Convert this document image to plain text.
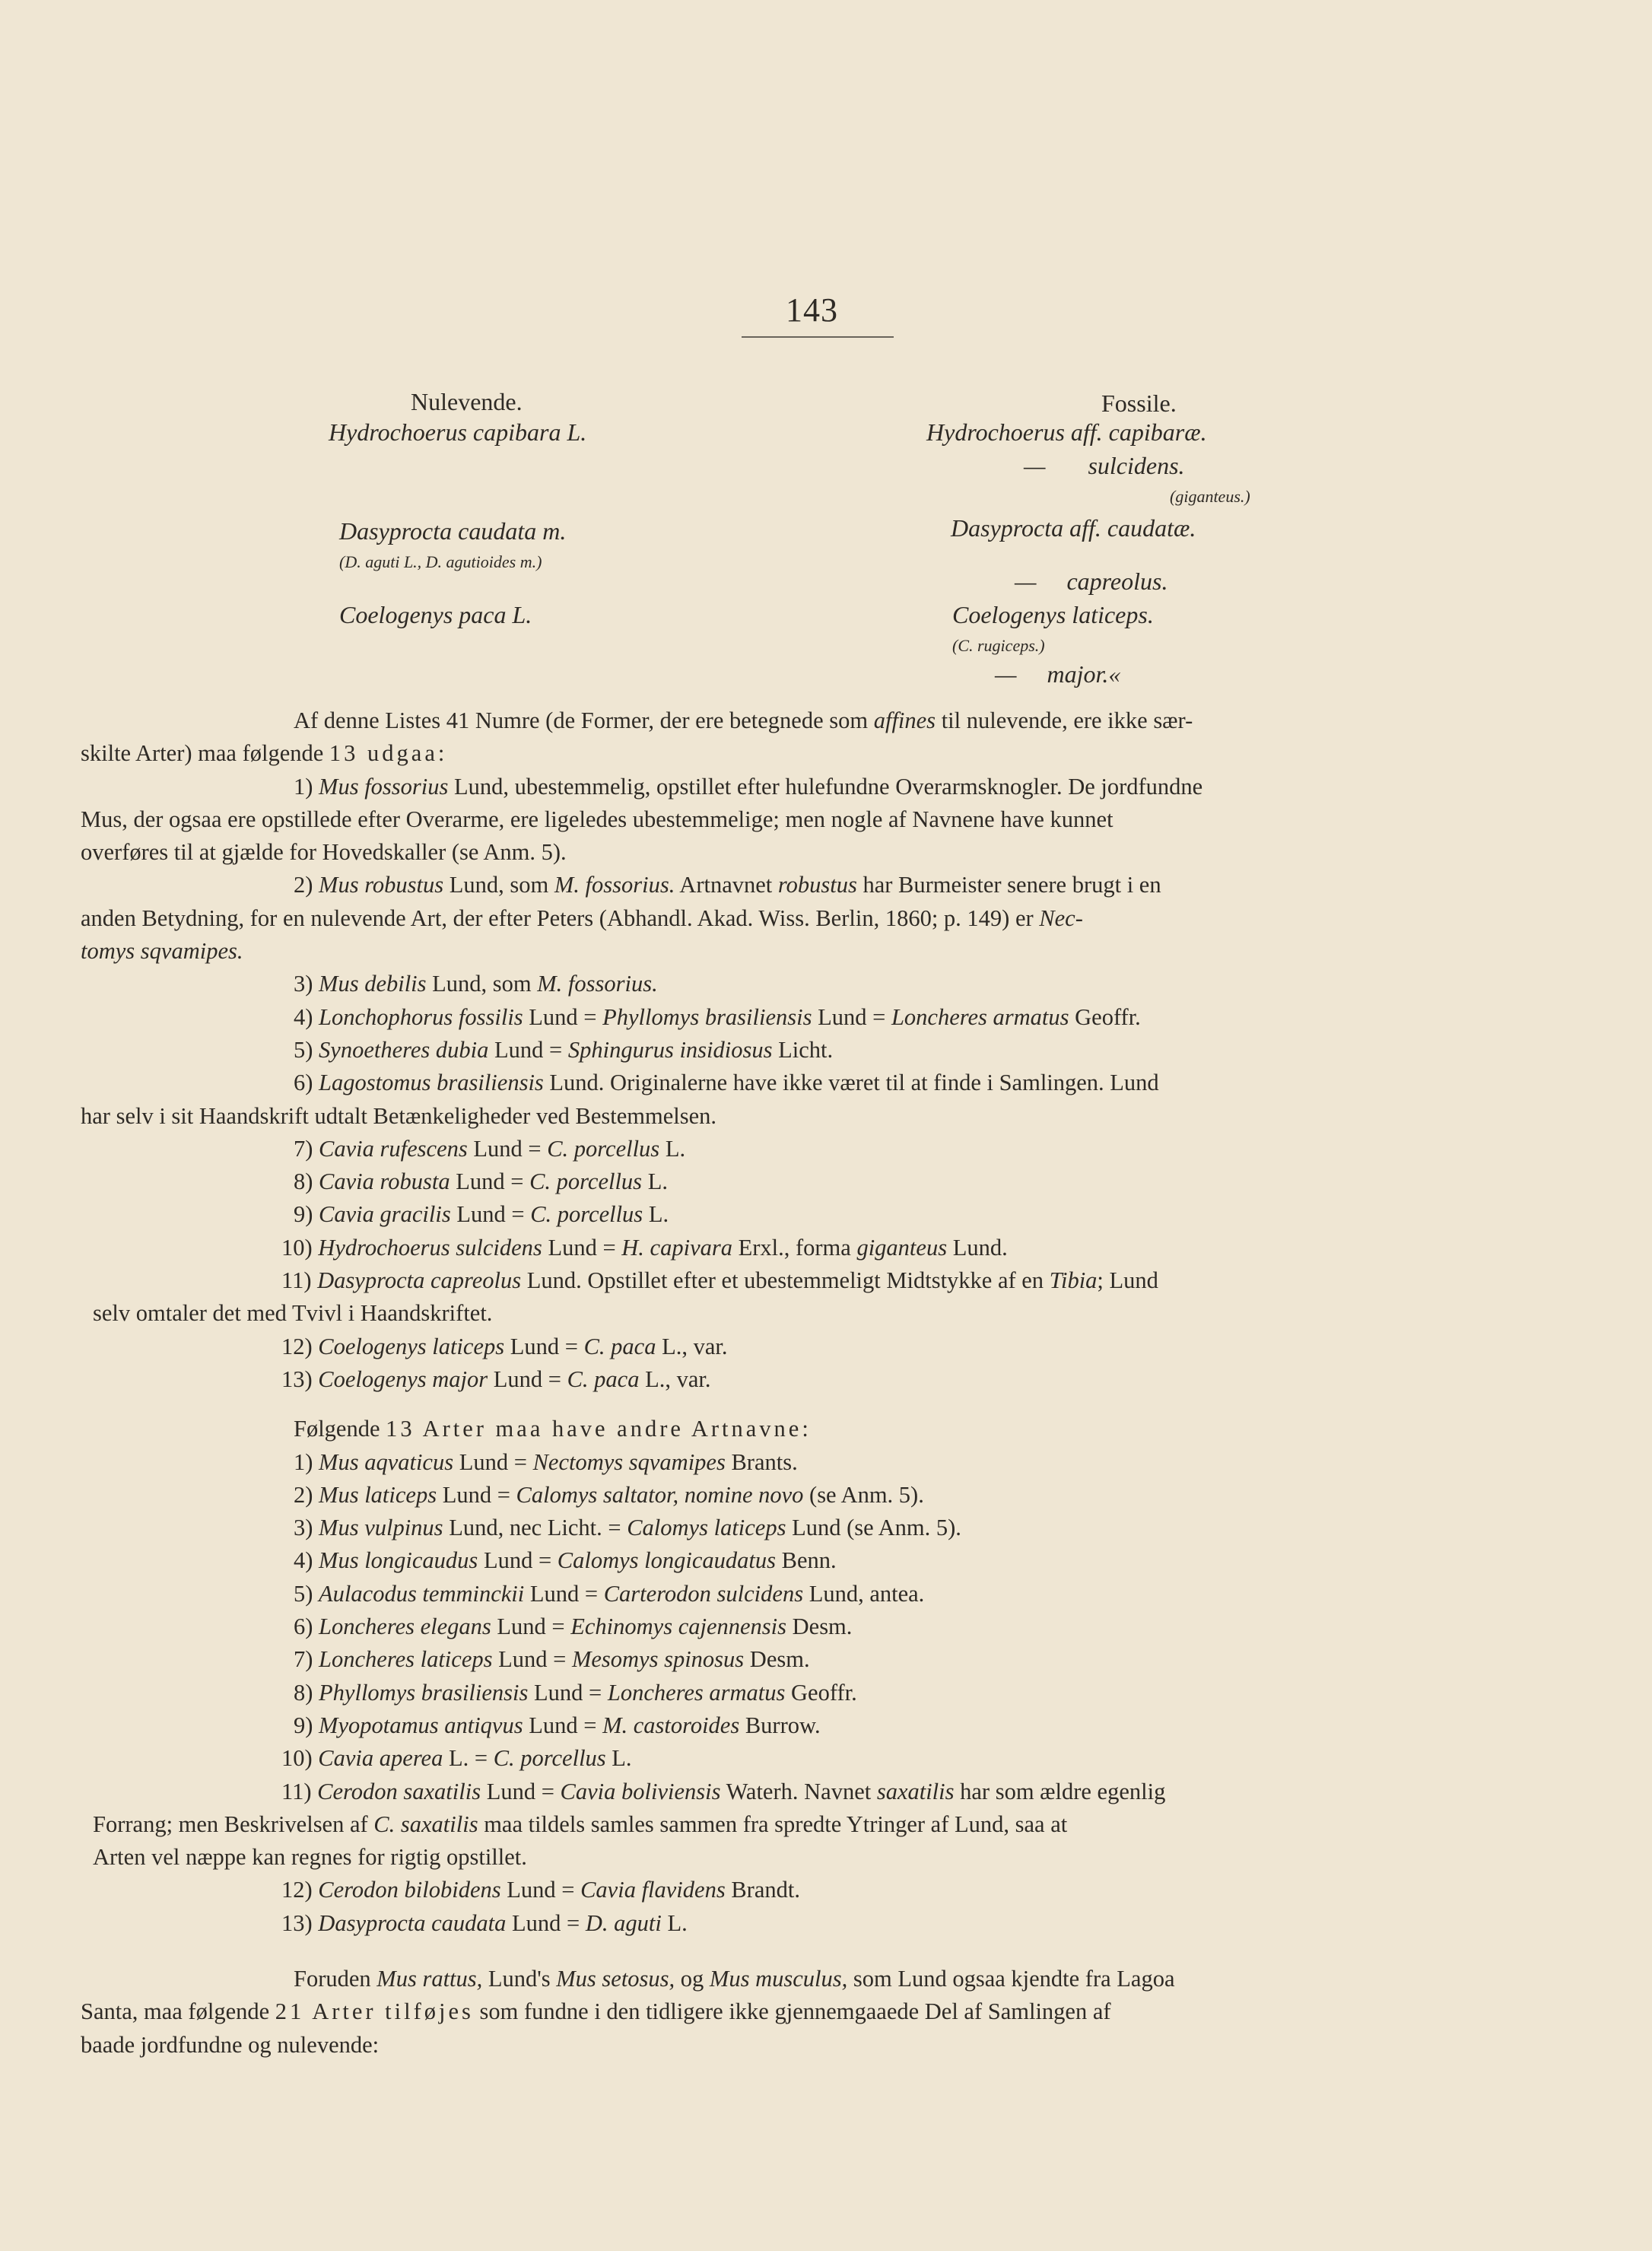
143
Nulevende.
Hydrochoerus capibara L.
Dasyprocta caudata m.
(D. aguti L., D. agutioides m.)
Coelogenys paca L.
Fossile.
Hydrochoerus aff. capibaræ.
—       sulcidens.
(giganteus.)
Dasyprocta aff. caudatæ.
—     capreolus.
Coelogenys laticeps.
(C. rugiceps.)
—     major.«

Af denne Listes 41 Numre (de Former, der ere betegnede som affines til nulevende, ere ikke sær-
skilte Arter) maa følgende 13 udgaa:

1) Mus fossorius Lund, ubestemmelig, opstillet efter hulefundne Overarmsknogler. De jordfundne
Mus, der ogsaa ere opstillede efter Overarme, ere ligeledes ubestemmelige; men nogle af Navnene have kunnet
overføres til at gjælde for Hovedskaller (se Anm. 5).

2) Mus robustus Lund, som M. fossorius. Artnavnet robustus har Burmeister senere brugt i en
anden Betydning, for en nulevende Art, der efter Peters (Abhandl. Akad. Wiss. Berlin, 1860; p. 149) er Nec-
tomys sqvamipes.

3) Mus debilis Lund, som M. fossorius.

4) Lonchophorus fossilis Lund = Phyllomys brasiliensis Lund = Loncheres armatus Geoffr.

5) Synoetheres dubia Lund = Sphingurus insidiosus Licht.

6) Lagostomus brasiliensis Lund. Originalerne have ikke været til at finde i Samlingen. Lund
har selv i sit Haandskrift udtalt Betænkeligheder ved Bestemmelsen.

7) Cavia rufescens Lund = C. porcellus L.

8) Cavia robusta Lund = C. porcellus L.

9) Cavia gracilis Lund = C. porcellus L.

10) Hydrochoerus sulcidens Lund = H. capivara Erxl., forma giganteus Lund.

11) Dasyprocta capreolus Lund. Opstillet efter et ubestemmeligt Midtstykke af en Tibia; Lund
selv omtaler det med Tvivl i Haandskriftet.

12) Coelogenys laticeps Lund = C. paca L., var.

13) Coelogenys major Lund = C. paca L., var.

Følgende 13 Arter maa have andre Artnavne:

1) Mus aqvaticus Lund = Nectomys sqvamipes Brants.

2) Mus laticeps Lund = Calomys saltator, nomine novo (se Anm. 5).

3) Mus vulpinus Lund, nec Licht. = Calomys laticeps Lund (se Anm. 5).

4) Mus longicaudus Lund = Calomys longicaudatus Benn.

5) Aulacodus temminckii Lund = Carterodon sulcidens Lund, antea.

6) Loncheres elegans Lund = Echinomys cajennensis Desm.

7) Loncheres laticeps Lund = Mesomys spinosus Desm.

8) Phyllomys brasiliensis Lund = Loncheres armatus Geoffr.

9) Myopotamus antiqvus Lund = M. castoroides Burrow.

10) Cavia aperea L. = C. porcellus L.

11) Cerodon saxatilis Lund = Cavia boliviensis Waterh. Navnet saxatilis har som ældre egenlig
Forrang; men Beskrivelsen af C. saxatilis maa tildels samles sammen fra spredte Ytringer af Lund, saa at
Arten vel næppe kan regnes for rigtig opstillet.

12) Cerodon bilobidens Lund = Cavia flavidens Brandt.

13) Dasyprocta caudata Lund = D. aguti L.

Foruden Mus rattus, Lund's Mus setosus, og Mus musculus, som Lund ogsaa kjendte fra Lagoa
Santa, maa følgende 21 Arter tilføjes som fundne i den tidligere ikke gjennemgaaede Del af Samlingen af
baade jordfundne og nulevende:
